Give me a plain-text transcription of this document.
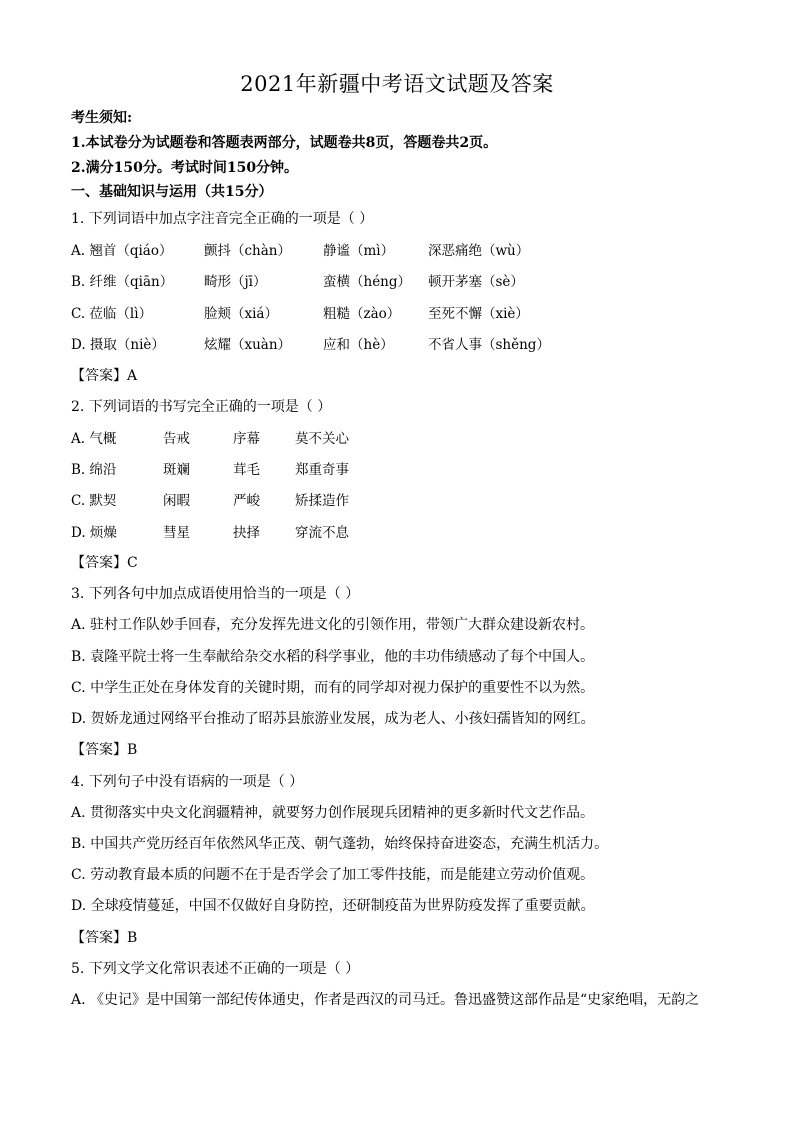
2021年新疆中考语文试题及答案
考生须知:
1.本试卷分为试题卷和答题表两部分，试题卷共8页，答题卷共2页。
2.满分150分。考试时间150分钟。
一、基础知识与运用（共15分）
1. 下列词语中加点字注音完全正确的一项是（ ）
A. 翘首（qiáo） 颤抖（chàn） 静谧（mì）	深恶痛绝（wù）
B. 纤维（qiān） 畸形（jī）	蛮横（héng） 顿开茅塞（sè）
C. 莅临（lì）	脸颊（xiá）	粗糙（zào） 至死不懈（xiè）
D. 摄取（niè）	炫耀（xuàn） 应和（hè）	不省人事（shěng）
【答案】A
2. 下列词语的书写完全正确的一项是（ ）
A. 气概	告戒	序幕	莫不关心
B. 绵沿	斑斓	茸毛	郑重奇事
C. 默契	闲暇	严峻	矫揉造作
D. 烦燥	彗星	抉择	穿流不息
【答案】C
3. 下列各句中加点成语使用恰当的一项是（ ）
A. 驻村工作队妙手回春，充分发挥先进文化的引领作用，带领广大群众建设新农村。
B. 袁隆平院士将一生奉献给杂交水稻的科学事业，他的丰功伟绩感动了每个中国人。
C. 中学生正处在身体发育的关键时期，而有的同学却对视力保护的重要性不以为然。
D. 贺娇龙通过网络平台推动了昭苏县旅游业发展，成为老人、小孩妇孺皆知的网红。
【答案】B
4. 下列句子中没有语病的一项是（ ）
A. 贯彻落实中央文化润疆精神，就要努力创作展现兵团精神的更多新时代文艺作品。
B. 中国共产党历经百年依然风华正茂、朝气蓬勃，始终保持奋进姿态，充满生机活力。
C. 劳动教育最本质的问题不在于是否学会了加工零件技能，而是能建立劳动价值观。
D. 全球疫情蔓延，中国不仅做好自身防控，还研制疫苗为世界防疫发挥了重要贡献。
【答案】B
5. 下列文学文化常识表述不正确的一项是（ ）
A. 《史记》是中国第一部纪传体通史，作者是西汉的司马迁。鲁迅盛赞这部作品是“史家绝唱，无韵之
